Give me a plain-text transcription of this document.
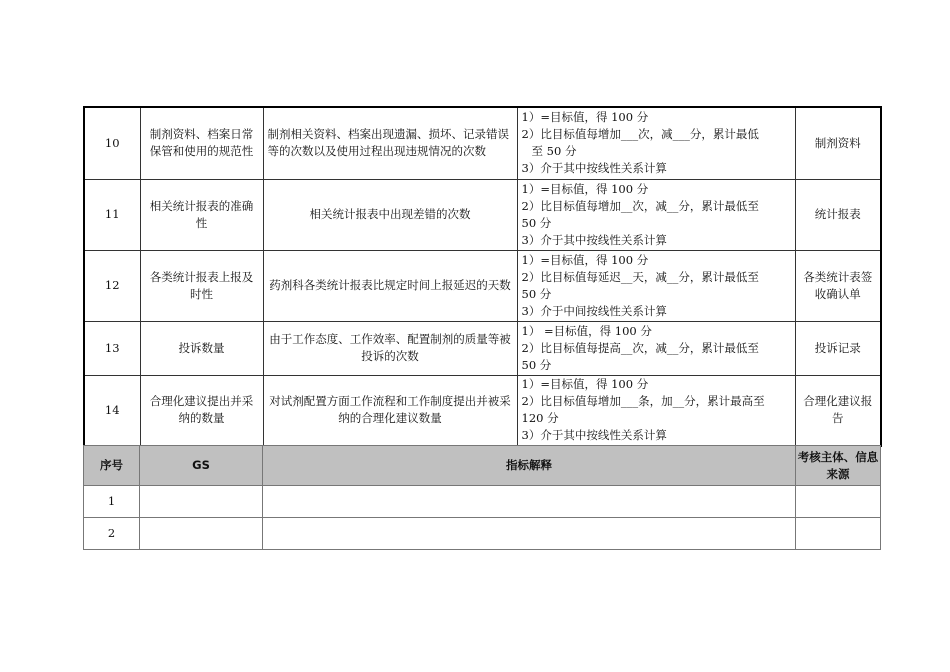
10	制剂资料、档案日常保管和使用的规范性	制剂相关资料、档案出现遗漏、损坏、记录错误等的次数以及使用过程出现违规情况的次数	1）=目标值，得 100 分
2）比目标值每增加___次，减___分，累计最低
至 50 分
3）介于其中按线性关系计算	制剂资料
11	相关统计报表的准确性	相关统计报表中出现差错的次数	1）=目标值，得 100 分
2）比目标值每增加__次，减__分，累计最低至
50 分
3）介于其中按线性关系计算	统计报表
12	各类统计报表上报及时性	药剂科各类统计报表比规定时间上报延迟的天数	1）=目标值，得 100 分
2）比目标值每延迟__天，减__分，累计最低至
50 分
3）介于中间按线性关系计算	各类统计表签收确认单
13	投诉数量	由于工作态度、工作效率、配置制剂的质量等被投诉的次数	1） =目标值，得 100 分
2）比目标值每提高__次，减__分，累计最低至
50 分	投诉记录
14	合理化建议提出并采纳的数量	对试剂配置方面工作流程和工作制度提出并被采纳的合理化建议数量	1）=目标值，得 100 分
2）比目标值每增加___条，加__分，累计最高至
120 分
3）介于其中按线性关系计算	合理化建议报告
序号	GS	指标解释	考核主体、信息来源
1			
2			
